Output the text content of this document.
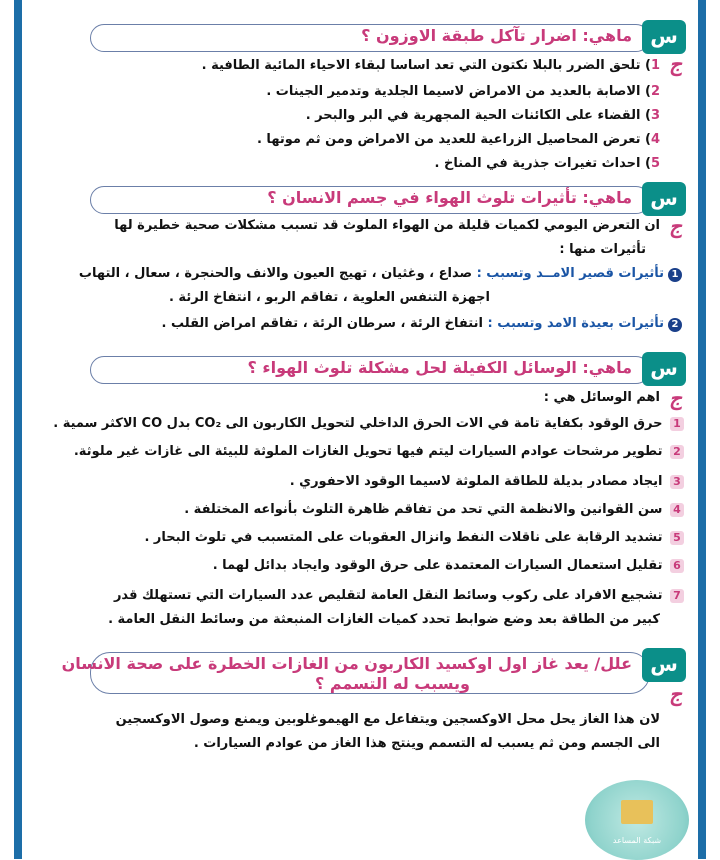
س
ماهي: اضرار تآكل طبقة الاوزون ؟
ج
1) تلحق الضرر بالبلا نكتون التي تعد اساسا لبقاء الاحياء المائية الطافية .
2) الاصابة بالعديد من الامراض لاسيما الجلدية وتدمير الجينات .
3) القضاء على الكائنات الحية المجهرية في البر والبحر .
4) تعرض المحاصيل الزراعية للعديد من الامراض ومن ثم موتها .
5) احداث تغيرات جذرية في المناخ .
س
ماهي: تأثيرات تلوث الهواء في جسم الانسان ؟
ج
ان التعرض اليومي لكميات قليلة من الهواء الملوث قد تسبب مشكلات صحية خطيرة لها
تأثيرات منها :
1تأثيرات قصير الامــد وتسبب : صداع ، وغثيان ، تهيج العيون والانف والحنجرة ، سعال ، التهاب
اجهزة التنفس العلوية ، تفاقم الربو ، انتفاخ الرئة .
2تأثيرات بعيدة الامد وتسبب : انتفاخ الرئة ، سرطان الرئة ، تفاقم امراض القلب .
س
ماهي: الوسائل الكفيلة لحل مشكلة تلوث الهواء ؟
ج
اهم الوسائل هي :
1 حرق الوقود بكفاية تامة في الات الحرق الداخلي لتحويل الكاربون الى CO₂ بدل CO الاكثر سمية .
2 تطوير مرشحات عوادم السيارات ليتم فيها تحويل الغازات الملوثة للبيئة الى غازات غير ملوثة.
3 ايجاد مصادر بديلة للطاقة الملوثة لاسيما الوقود الاحفوري .
4 سن القوانين والانظمة التي تحد من تفاقم ظاهرة التلوث بأنواعه المختلفة .
5 تشديد الرقابة على ناقلات النفط وانزال العقوبات على المتسبب في تلوث البحار .
6 تقليل استعمال السيارات المعتمدة على حرق الوقود وايجاد بدائل لهما .
7 تشجيع الافراد على ركوب وسائط النقل العامة لتقليص عدد السيارات التي تستهلك قدر
كبير من الطاقة بعد وضع ضوابط تحدد كميات الغازات المنبعثة من وسائط النقل العامة .
س
علل/ يعد غاز اول اوكسيد الكاربون من الغازات الخطرة على صحة الانسان
ويسبب له التسمم ؟	ج
لان هذا الغاز يحل محل الاوكسجين ويتفاعل مع الهيموغلوبين ويمنع وصول الاوكسجين
الى الجسم ومن ثم يسبب له التسمم وينتج هذا الغاز من عوادم السيارات .
شبكة المساعد
